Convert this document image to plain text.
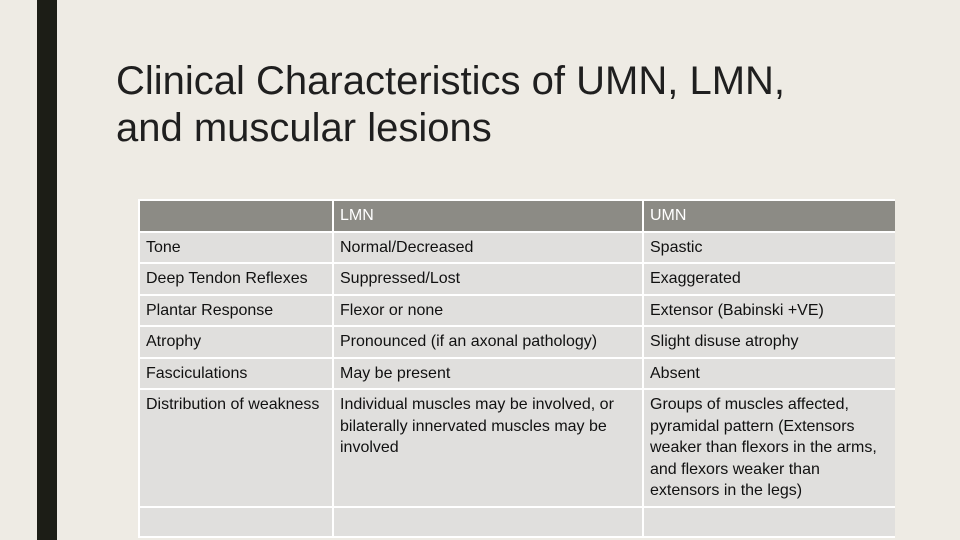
Clinical Characteristics of UMN, LMN,
and muscular lesions
	LMN	UMN
Tone	Normal/Decreased	Spastic
Deep Tendon Reflexes	Suppressed/Lost	Exaggerated
Plantar Response	Flexor or none	Extensor (Babinski +VE)
Atrophy	Pronounced (if an axonal pathology)	Slight disuse atrophy
Fasciculations	May be present	Absent
Distribution of weakness	Individual muscles may be involved, or bilaterally innervated muscles may be involved	Groups of muscles affected, pyramidal pattern (Extensors weaker than flexors in the arms, and flexors weaker than extensors in the legs)
